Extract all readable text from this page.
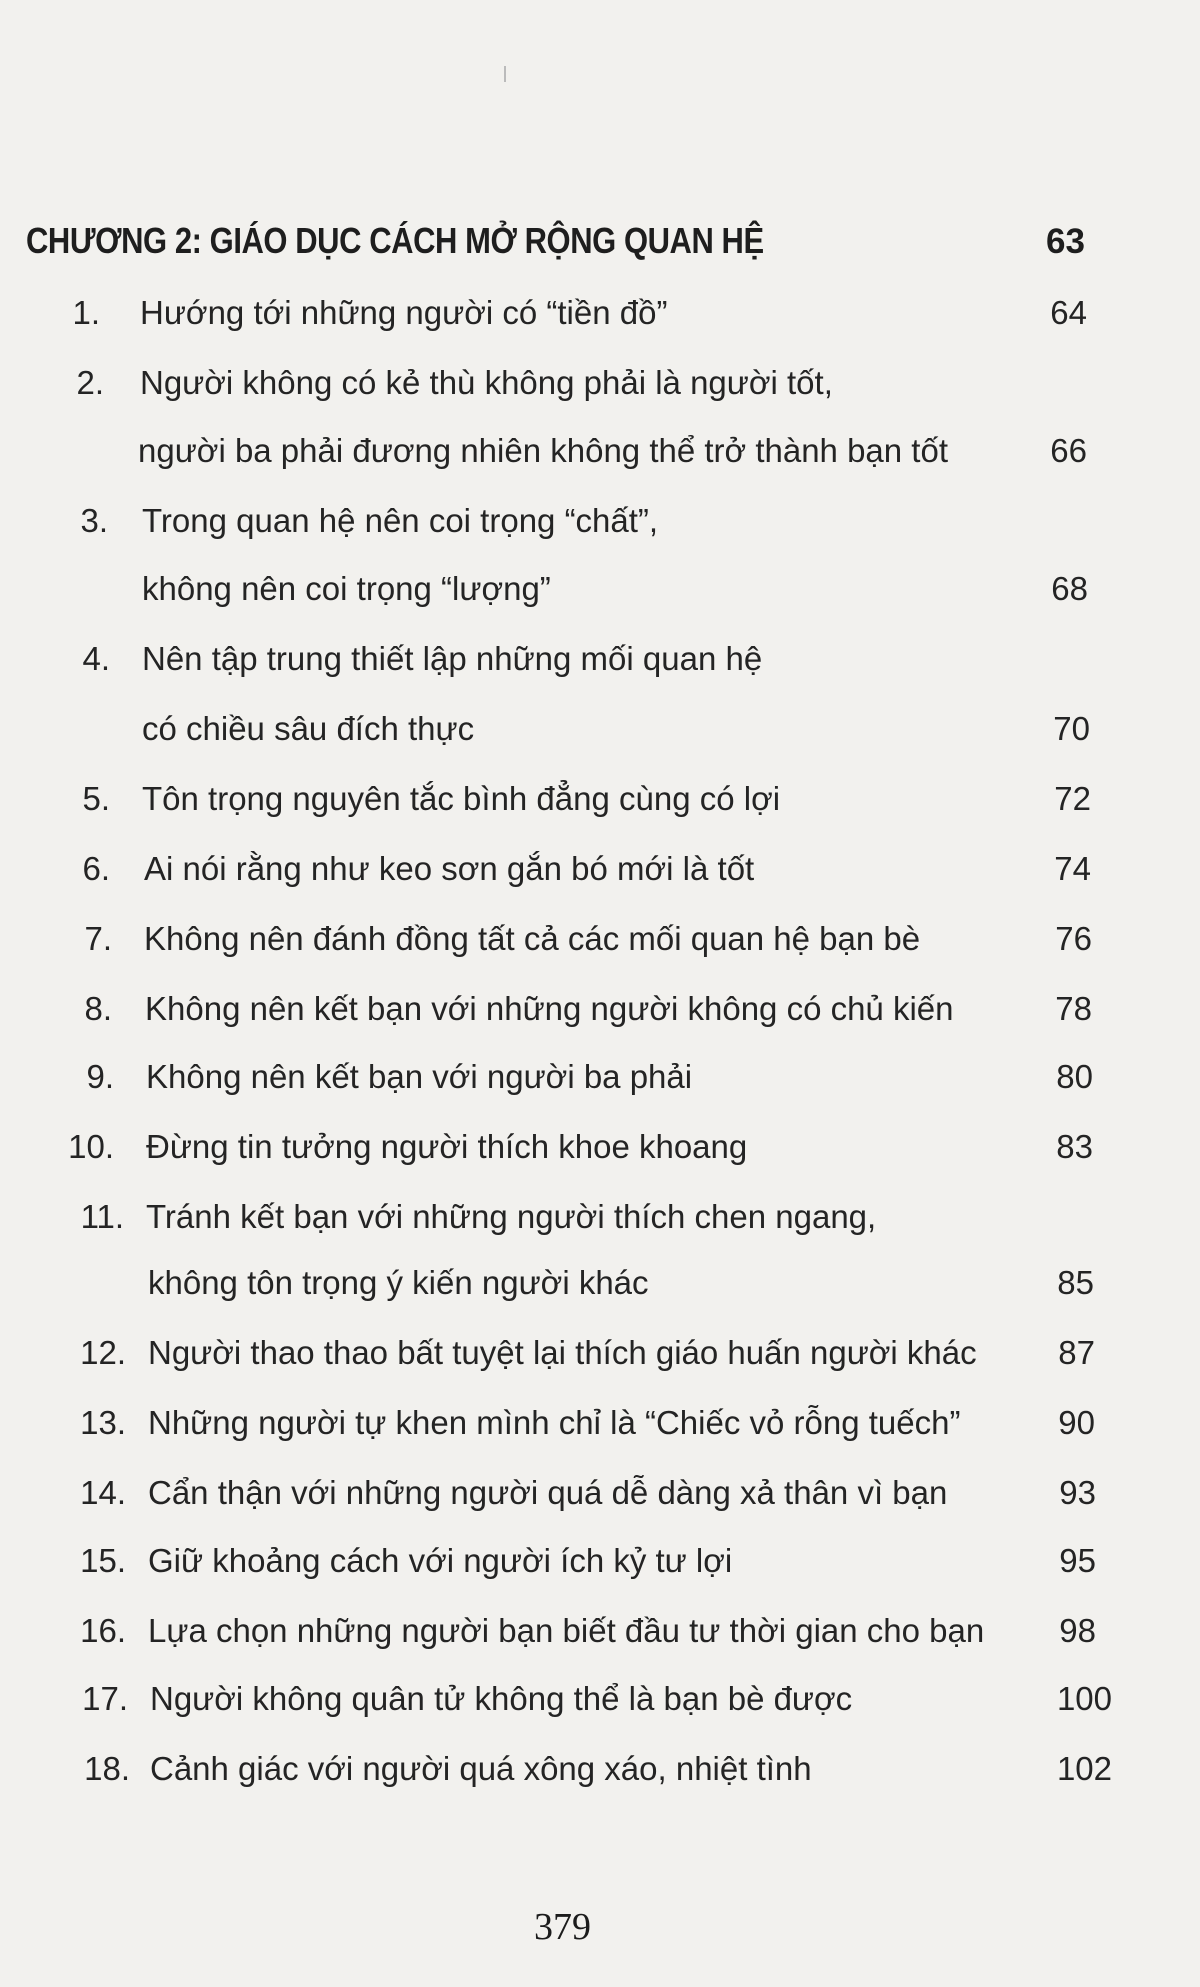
CHƯƠNG 2: GIÁO DỤC CÁCH MỞ RỘNG QUAN HỆ	63
1. Hướng tới những người có “tiền đồ”	64
2. Người không có kẻ thù không phải là người tốt,
người ba phải đương nhiên không thể trở thành bạn tốt	66
3. Trong quan hệ nên coi trọng “chất”,
không nên coi trọng “lượng”	68
4. Nên tập trung thiết lập những mối quan hệ
có chiều sâu đích thực	70
5. Tôn trọng nguyên tắc bình đẳng cùng có lợi	72
6. Ai nói rằng như keo sơn gắn bó mới là tốt	74
7. Không nên đánh đồng tất cả các mối quan hệ bạn bè	76
8. Không nên kết bạn với những người không có chủ kiến	78
9. Không nên kết bạn với người ba phải	80
10. Đừng tin tưởng người thích khoe khoang	83
11. Tránh kết bạn với những người thích chen ngang,
không tôn trọng ý kiến người khác	85
12. Người thao thao bất tuyệt lại thích giáo huấn người khác 87
13. Những người tự khen mình chỉ là “Chiếc vỏ rỗng tuếch”	90
14. Cẩn thận với những người quá dễ dàng xả thân vì bạn	93
15. Giữ khoảng cách với người ích kỷ tư lợi	95
16. Lựa chọn những người bạn biết đầu tư thời gian cho bạn 98
17. Người không quân tử không thể là bạn bè được	100
18. Cảnh giác với người quá xông xáo, nhiệt tình	102
379
